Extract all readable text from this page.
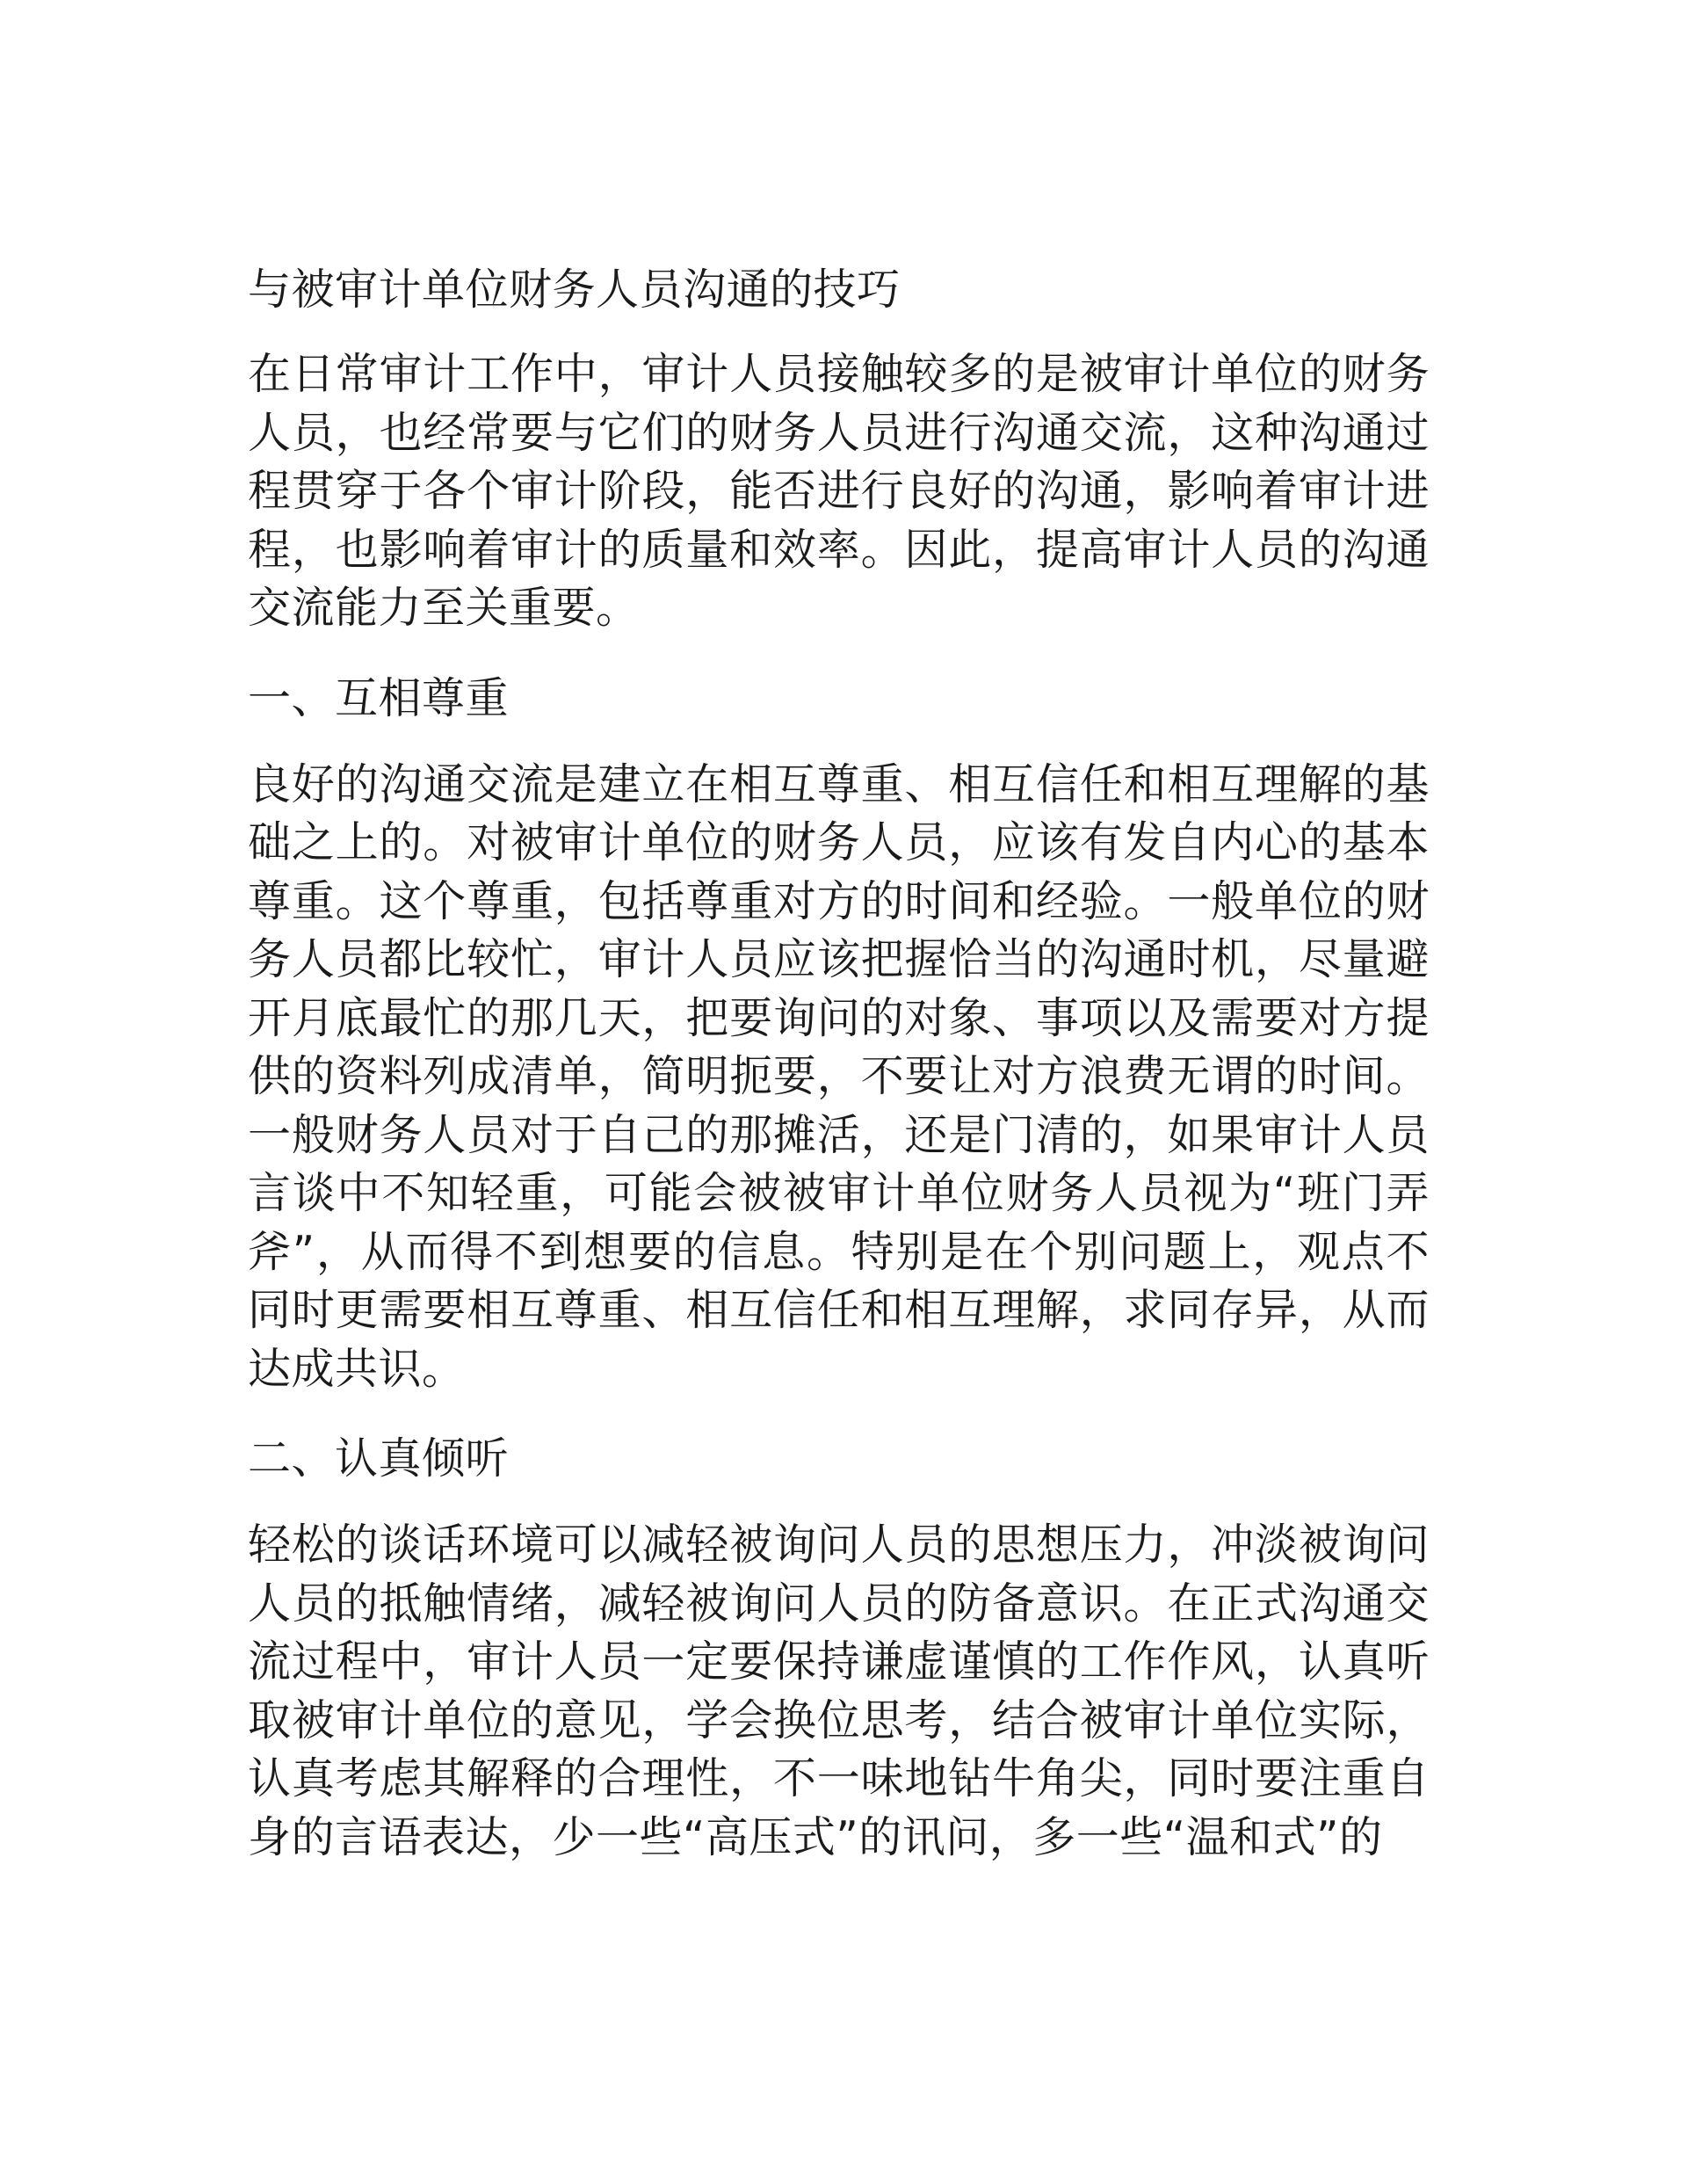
与被审计单位财务人员沟通的技巧

在日常审计工作中，审计人员接触较多的是被审计单位的财务人员，也经常要与它们的财务人员进行沟通交流，这种沟通过程贯穿于各个审计阶段，能否进行良好的沟通，影响着审计进程，也影响着审计的质量和效率。因此，提高审计人员的沟通交流能力至关重要。

一、互相尊重

良好的沟通交流是建立在相互尊重、相互信任和相互理解的基础之上的。对被审计单位的财务人员，应该有发自内心的基本尊重。这个尊重，包括尊重对方的时间和经验。一般单位的财务人员都比较忙，审计人员应该把握恰当的沟通时机，尽量避开月底最忙的那几天，把要询问的对象、事项以及需要对方提供的资料列成清单，简明扼要，不要让对方浪费无谓的时间。一般财务人员对于自己的那摊活，还是门清的，如果审计人员言谈中不知轻重，可能会被被审计单位财务人员视为“班门弄斧”，从而得不到想要的信息。特别是在个别问题上，观点不同时更需要相互尊重、相互信任和相互理解，求同存异，从而达成共识。

二、认真倾听

轻松的谈话环境可以减轻被询问人员的思想压力，冲淡被询问人员的抵触情绪，减轻被询问人员的防备意识。在正式沟通交流过程中，审计人员一定要保持谦虚谨慎的工作作风，认真听取被审计单位的意见，学会换位思考，结合被审计单位实际，认真考虑其解释的合理性，不一味地钻牛角尖，同时要注重自身的言语表达，少一些“高压式”的讯问，多一些“温和式”的
